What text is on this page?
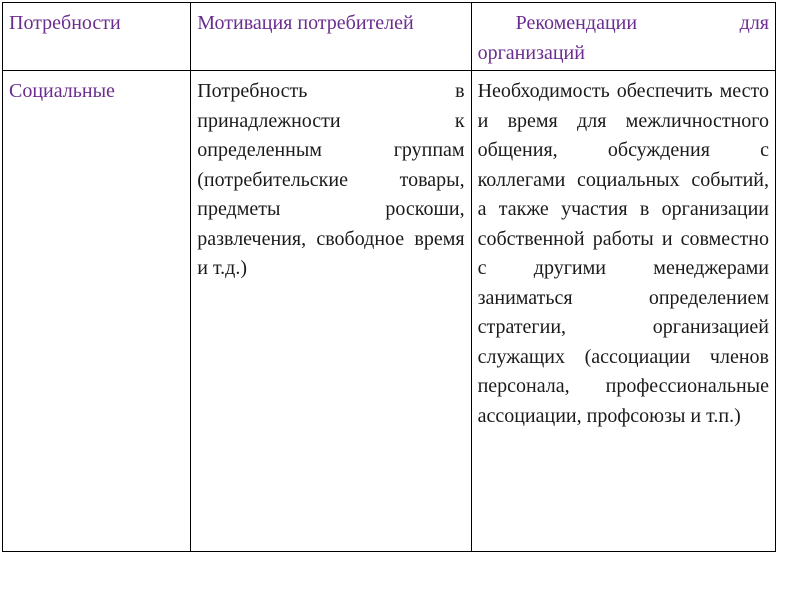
Потребности	Мотивация потребителей	Рекомендации для организаций

Социальные	Потребность в принадлежности к определенным группам (потребительские товары, предметы роскоши, развлечения, свободное время и т.д.)	Необходимость обеспечить место и время для межличностного общения, обсуждения с коллегами социальных событий, а также участия в организации собственной работы и совместно с другими менеджерами заниматься определением стратегии, организацией служащих (ассоциации членов персонала, профессиональные ассоциации, профсоюзы и т.п.)
